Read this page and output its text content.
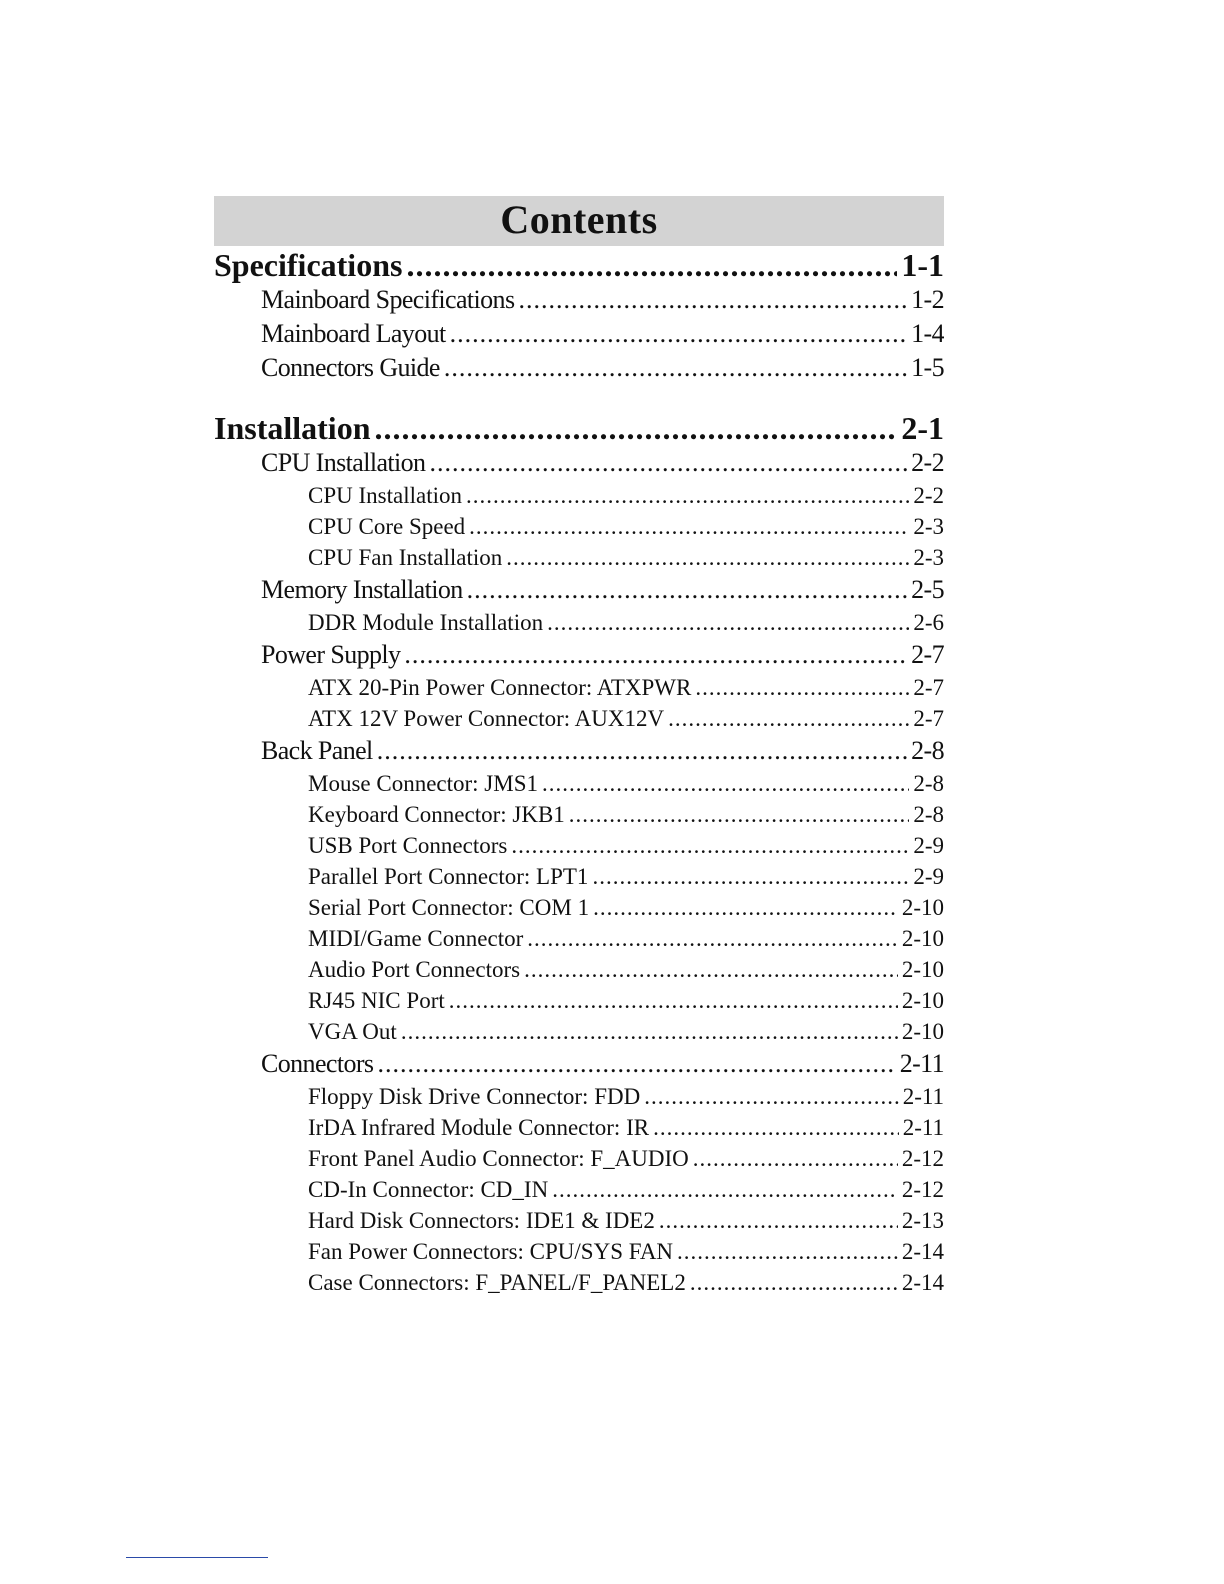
Contents
Specifications .....	1-1
Mainboard Specifications .....	1-2
Mainboard Layout .....	1-4
Connectors Guide .....	1-5
Installation .....	2-1
CPU Installation .....	2-2
CPU Installation .....	2-2
CPU Core Speed .....	2-3
CPU Fan Installation .....	2-3
Memory Installation .....	2-5
DDR Module Installation .....	2-6
Power Supply .....	2-7
ATX 20-Pin Power Connector: ATXPWR .....	2-7
ATX 12V Power Connector: AUX12V .....	2-7
Back Panel .....	2-8
Mouse Connector: JMS1 .....	2-8
Keyboard Connector: JKB1 .....	2-8
USB Port Connectors .....	2-9
Parallel Port Connector: LPT1 .....	2-9
Serial Port Connector: COM 1 .....	2-10
MIDI/Game Connector .....	2-10
Audio Port Connectors .....	2-10
RJ45 NIC Port .....	2-10
VGA Out .....	2-10
Connectors .....	2-11
Floppy Disk Drive Connector: FDD .....	2-11
IrDA Infrared Module Connector: IR .....	2-11
Front Panel Audio Connector: F_AUDIO .....	2-12
CD-In Connector: CD_IN .....	2-12
Hard Disk Connectors: IDE1 & IDE2 .....	2-13
Fan Power Connectors: CPU/SYS FAN .....	2-14
Case Connectors: F_PANEL/F_PANEL2 .....	2-14
